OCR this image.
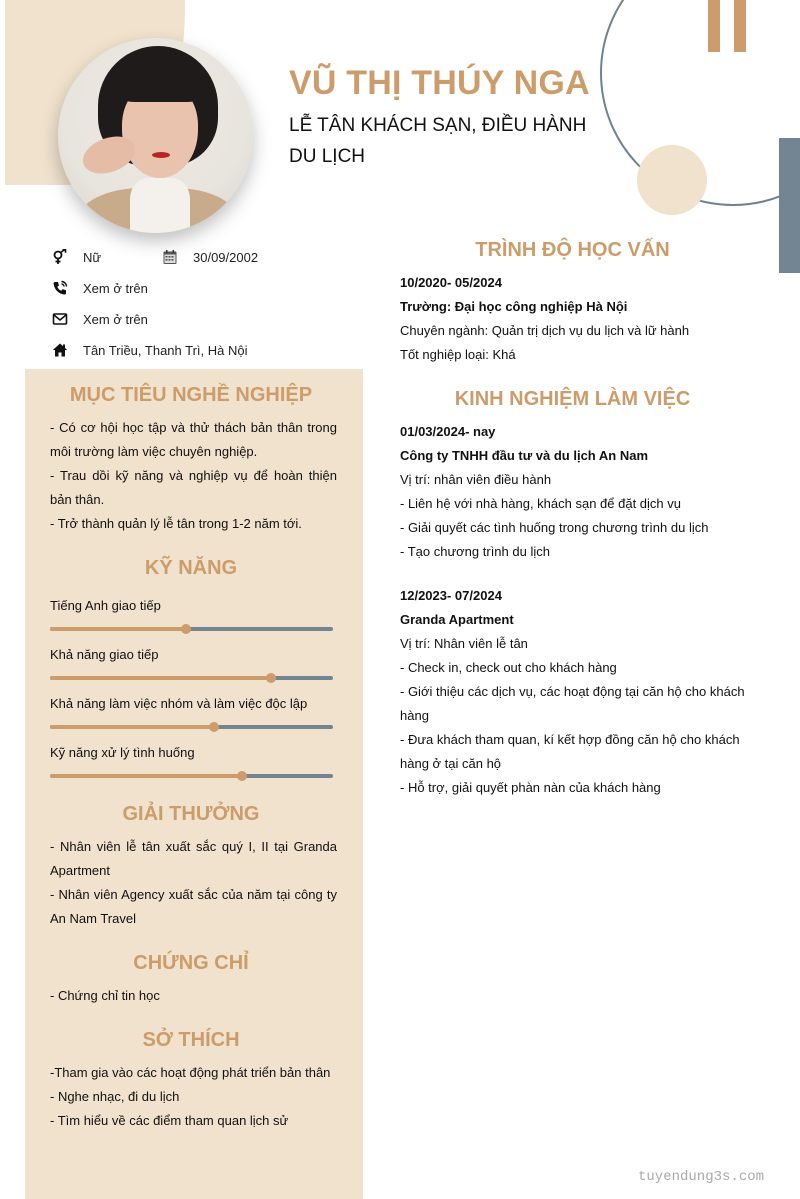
VŨ THỊ THÚY NGA
LỄ TÂN KHÁCH SẠN, ĐIỀU HÀNH DU LỊCH
Nữ	30/09/2002
Xem ở trên
Xem ở trên
Tân Triều, Thanh Trì, Hà Nội
MỤC TIÊU NGHỀ NGHIỆP

- Có cơ hội học tập và thử thách bản thân trong môi trường làm việc chuyên nghiệp.

- Trau dồi kỹ năng và nghiệp vụ để hoàn thiện bản thân.

- Trở thành quản lý lễ tân trong 1-2 năm tới.

KỸ NĂNG
Tiếng Anh giao tiếp
Khả năng giao tiếp
Khả năng làm việc nhóm và làm việc độc lập
Kỹ năng xử lý tình huống
GIẢI THƯỞNG

- Nhân viên lễ tân xuất sắc quý I, II tại Granda Apartment

- Nhân viên Agency xuất sắc của năm tại công ty An Nam Travel

CHỨNG CHỈ

- Chứng chỉ tin học

SỞ THÍCH

-Tham gia vào các hoạt động phát triển bản thân

- Nghe nhạc, đi du lịch

- Tìm hiểu về các điểm tham quan lịch sử

TRÌNH ĐỘ HỌC VẤN
10/2020- 05/2024
Trường: Đại học công nghiệp Hà Nội
Chuyên ngành: Quản trị dịch vụ du lịch và lữ hành
Tốt nghiệp loại: Khá
KINH NGHIỆM LÀM VIỆC
01/03/2024- nay
Công ty TNHH đầu tư và du lịch An Nam
Vị trí: nhân viên điều hành
- Liên hệ với nhà hàng, khách sạn để đặt dịch vụ
- Giải quyết các tình huống trong chương trình du lịch
- Tạo chương trình du lịch
12/2023- 07/2024
Granda Apartment
Vị trí: Nhân viên lễ tân
- Check in, check out cho khách hàng
- Giới thiệu các dịch vụ, các hoạt động tại căn hộ cho khách hàng
- Đưa khách tham quan, kí kết hợp đồng căn hộ cho khách hàng ở tại căn hộ
- Hỗ trợ, giải quyết phàn nàn của khách hàng
tuyendung3s.com
